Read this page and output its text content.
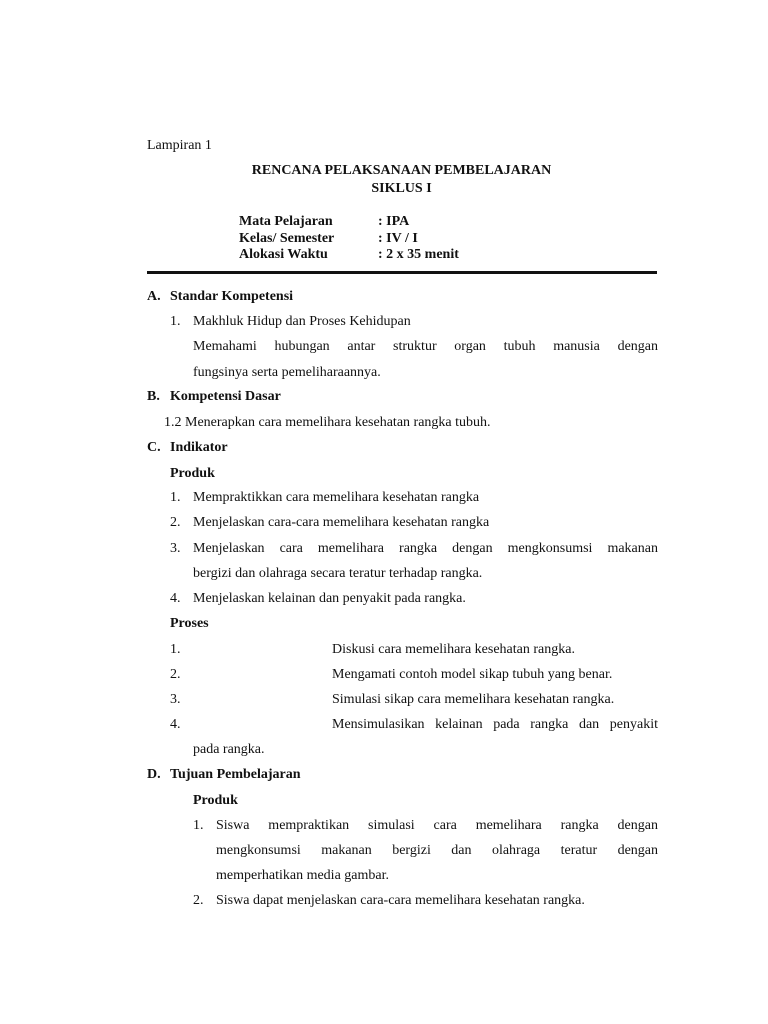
Lampiran 1
RENCANA PELAKSANAAN PEMBELAJARAN
SIKLUS I
Mata Pelajaran	: IPA
Kelas/ Semester	: IV / I
Alokasi Waktu	: 2 x 35 menit
A. Standar Kompetensi
1. Makhluk Hidup dan Proses Kehidupan
Memahami hubungan antar struktur organ tubuh manusia dengan
fungsinya serta pemeliharaannya.
B. Kompetensi Dasar
1.2 Menerapkan cara memelihara kesehatan rangka tubuh.
C. Indikator
Produk
1. Mempraktikkan cara memelihara kesehatan rangka
2. Menjelaskan cara-cara memelihara kesehatan rangka
3. Menjelaskan cara memelihara rangka dengan mengkonsumsi makanan
bergizi dan olahraga secara teratur terhadap rangka.
4. Menjelaskan kelainan dan penyakit pada rangka.
Proses
1.	Diskusi cara memelihara kesehatan rangka.
2.	Mengamati contoh model sikap tubuh yang benar.
3.	Simulasi sikap cara memelihara kesehatan rangka.
4.	Mensimulasikan kelainan pada rangka dan penyakit
pada rangka.
D. Tujuan Pembelajaran
Produk
1. Siswa mempraktikan simulasi cara memelihara rangka dengan
mengkonsumsi makanan bergizi dan olahraga teratur dengan
memperhatikan media gambar.
2. Siswa dapat menjelaskan cara-cara memelihara kesehatan rangka.
